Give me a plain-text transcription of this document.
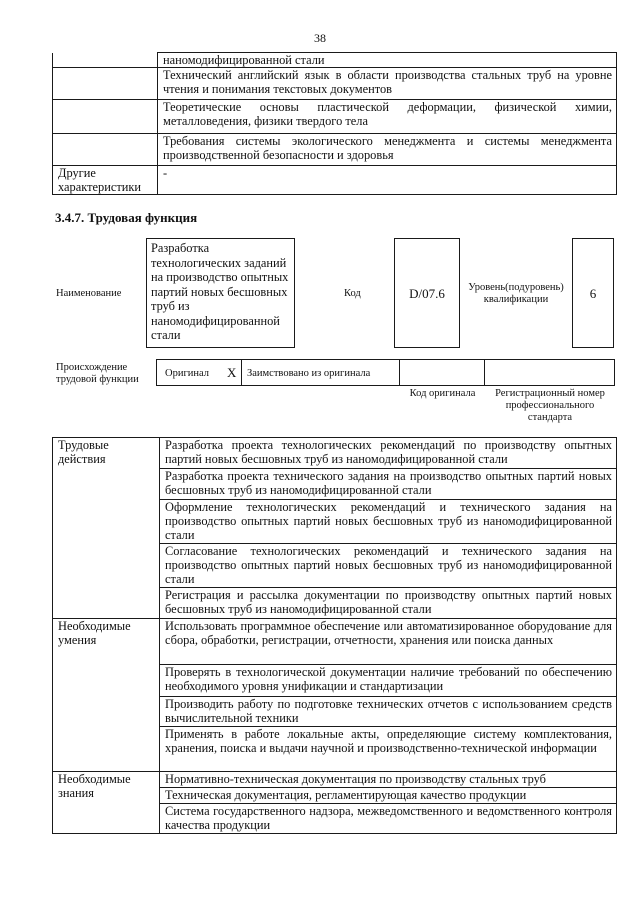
38
	наномодифицированной стали
	Технический английский язык в области производства стальных труб на уровне чтения и понимания текстовых документов
	Теоретические основы пластической деформации, физической химии, металловедения, физики твердого тела
	Требования системы экологического менеджмента и системы менеджмента производственной безопасности и здоровья
Другие характеристики	-
3.4.7. Трудовая функция
Наименование
Разработка технологических заданий на производство опытных партий новых бесшовных труб из наномодифицированной стали
Код	D/07.6	Уровень(подуровень) квалификации	6
Происхождение трудовой функции
Оригинал X Заимствовано из оригинала
Код оригинала	Регистрационный номер профессионального стандарта
Трудовые действия	Разработка проекта технологических рекомендаций по производству опытных партий новых бесшовных труб из наномодифицированной стали
	Разработка проекта технического задания на производство опытных партий новых бесшовных труб из наномодифицированной стали
	Оформление технологических рекомендаций и технического задания на производство опытных партий новых бесшовных труб из наномодифицированной стали
	Согласование технологических рекомендаций и технического задания на производство опытных партий новых бесшовных труб из наномодифицированной стали
	Регистрация и рассылка документации по производству опытных партий новых бесшовных труб из наномодифицированной стали
Необходимые умения	Использовать программное обеспечение или автоматизированное оборудование для сбора, обработки, регистрации, отчетности, хранения или поиска данных
	Проверять в технологической документации наличие требований по обеспечению необходимого уровня унификации и стандартизации
	Производить работу по подготовке технических отчетов с использованием средств вычислительной техники
	Применять в работе локальные акты, определяющие систему комплектования, хранения, поиска и выдачи научной и производственно-технической информации
Необходимые знания	Нормативно-техническая документация по производству стальных труб
	Техническая документация, регламентирующая качество продукции
	Система государственного надзора, межведомственного и ведомственного контроля качества продукции
